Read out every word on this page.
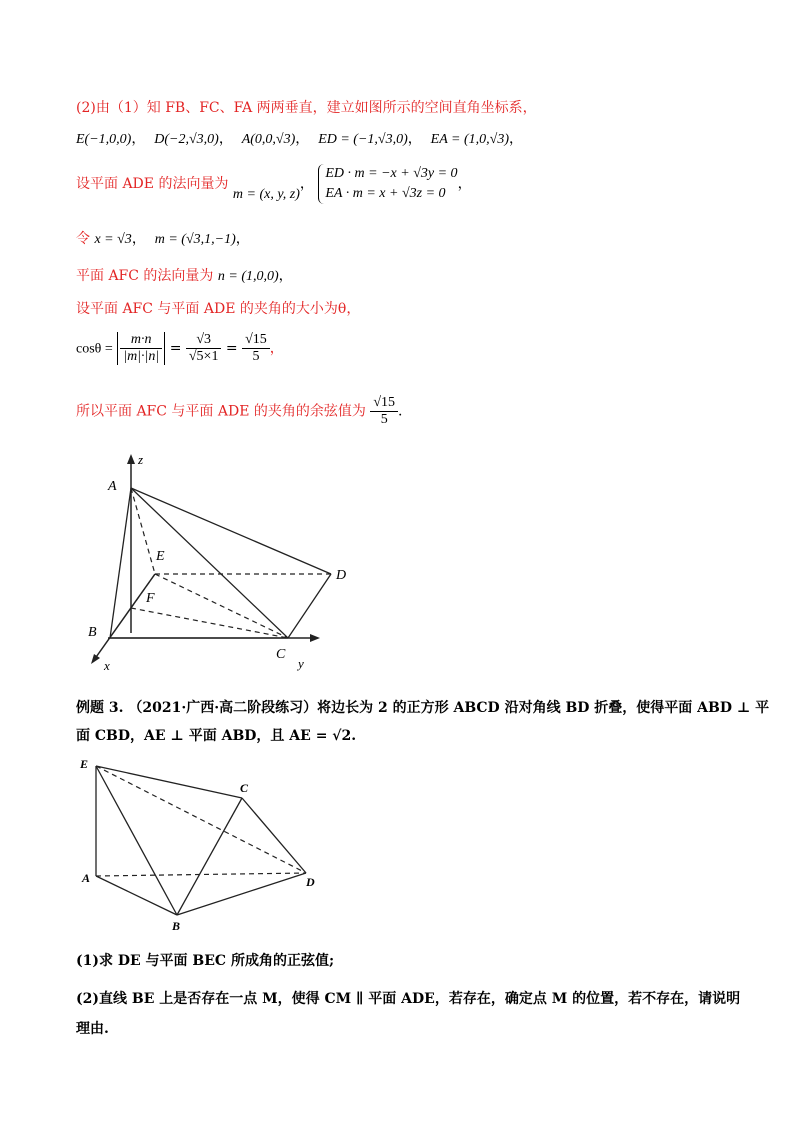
(2)由（1）知 FB、FC、FA 两两垂直，建立如图所示的空间直角坐标系，
E(−1,0,0)，  D(−2,√3,0)，  A(0,0,√3)，  ED = (−1,√3,0)，  EA = (1,0,√3)，
设平面 ADE 的法向量为 m = (x, y, z)，
ED · m = −x + √3y = 0
EA · m = x + √3z = 0
，
令 x = √3，  m = (√3,1,−1)，
平面 AFC 的法向量为 n = (1,0,0)，
设平面 AFC 与平面 ADE 的夹角的大小为θ，
$\cos\theta = \frac{m\cdot n}{|m|\cdot|n|} = \frac{√3}{√5\times 1} = \frac{√15}{5}$ ，
所以平面 AFC 与平面 ADE 的夹角的余弦值为 $\frac{√15}{5}$ .
z
A
E
D
F
B
C
x	y
例题 3. （2021·广西·高二阶段练习）将边长为 2 的正方形 ABCD 沿对角线 BD 折叠，使得平面 ABD ⊥ 平
面 CBD，AE ⊥ 平面 ABD，且 AE = √2.
E
C
A	D
B
(1)求 DE 与平面 BEC 所成角的正弦值;
(2)直线 BE 上是否存在一点 M，使得 CM ∥ 平面 ADE，若存在，确定点 M 的位置，若不存在，请说明
理由.
